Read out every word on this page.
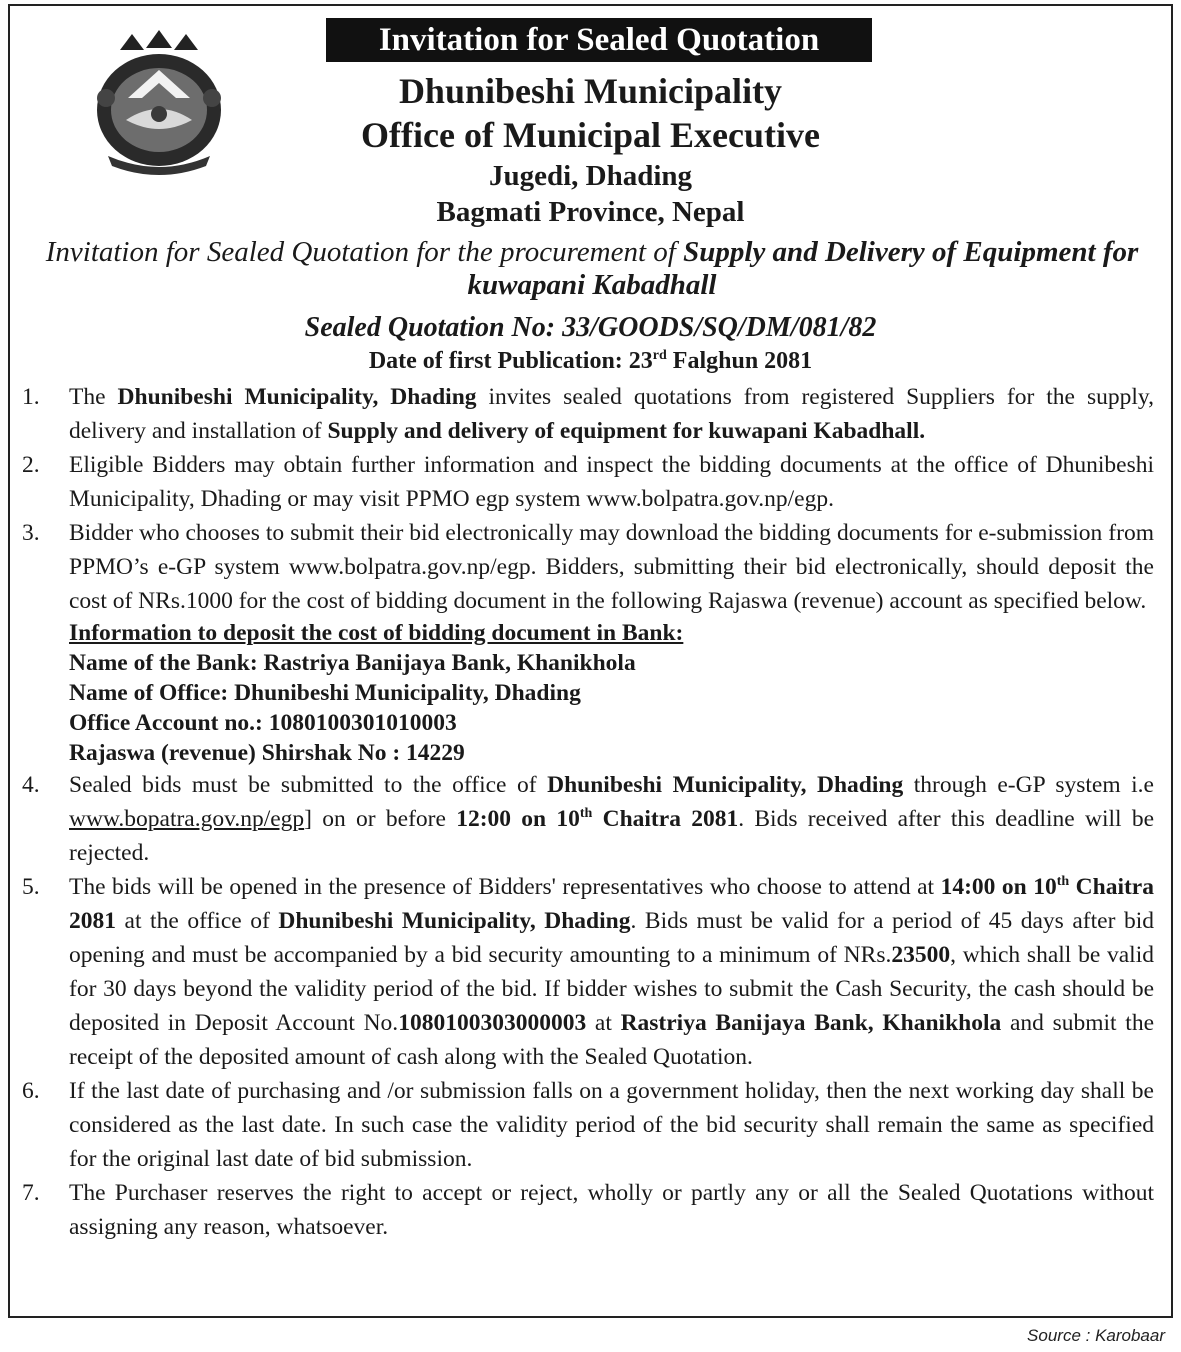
Invitation for Sealed Quotation
Dhunibeshi Municipality
Office of Municipal Executive
Jugedi, Dhading
Bagmati Province, Nepal
Invitation for Sealed Quotation for the procurement of Supply and Delivery of Equipment for kuwapani Kabadhall
Sealed Quotation No: 33/GOODS/SQ/DM/081/82
Date of first Publication: 23rd Falghun 2081
1. The Dhunibeshi Municipality, Dhading invites sealed quotations from registered Suppliers for the supply, delivery and installation of Supply and delivery of equipment for kuwapani Kabadhall.
2. Eligible Bidders may obtain further information and inspect the bidding documents at the office of Dhunibeshi Municipality, Dhading or may visit PPMO egp system www.bolpatra.gov.np/egp.
3. Bidder who chooses to submit their bid electronically may download the bidding documents for e-submission from PPMO’s e-GP system www.bolpatra.gov.np/egp. Bidders, submitting their bid electronically, should deposit the cost of NRs.1000 for the cost of bidding document in the following Rajaswa (revenue) account as specified below.
Information to deposit the cost of bidding document in Bank:
Name of the Bank: Rastriya Banijaya Bank, Khanikhola
Name of Office: Dhunibeshi Municipality, Dhading
Office Account no.: 1080100301010003
Rajaswa (revenue) Shirshak No : 14229
4. Sealed bids must be submitted to the office of Dhunibeshi Municipality, Dhading through e-GP system i.e www.bopatra.gov.np/egp] on or before 12:00 on 10th Chaitra 2081. Bids received after this deadline will be rejected.
5. The bids will be opened in the presence of Bidders' representatives who choose to attend at 14:00 on 10th Chaitra 2081 at the office of Dhunibeshi Municipality, Dhading. Bids must be valid for a period of 45 days after bid opening and must be accompanied by a bid security amounting to a minimum of NRs.23500, which shall be valid for 30 days beyond the validity period of the bid. If bidder wishes to submit the Cash Security, the cash should be deposited in Deposit Account No.1080100303000003 at Rastriya Banijaya Bank, Khanikhola and submit the receipt of the deposited amount of cash along with the Sealed Quotation.
6. If the last date of purchasing and /or submission falls on a government holiday, then the next working day shall be considered as the last date. In such case the validity period of the bid security shall remain the same as specified for the original last date of bid submission.
7. The Purchaser reserves the right to accept or reject, wholly or partly any or all the Sealed Quotations without assigning any reason, whatsoever.
Source : Karobaar
